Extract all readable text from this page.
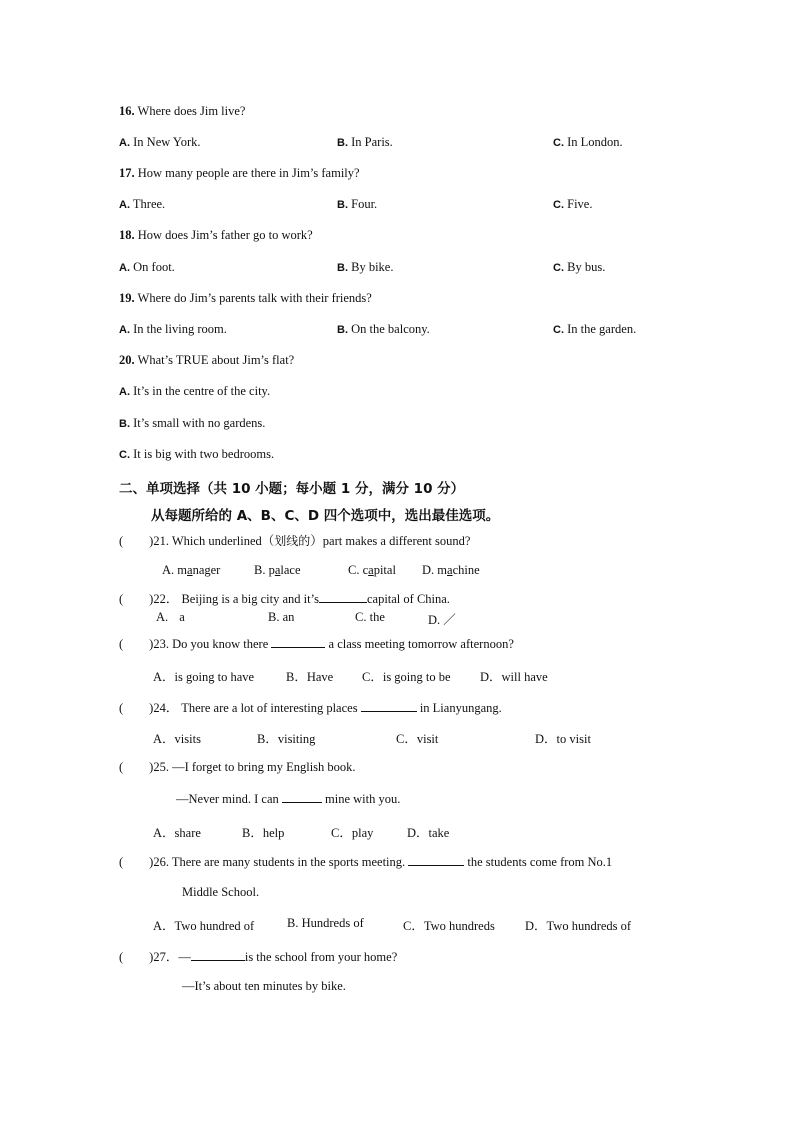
16. Where does Jim live?
A. In New York.	B. In Paris.	C. In London.
17. How many people are there in Jim’s family?
A. Three.	B. Four.	C. Five.
18. How does Jim’s father go to work?
A. On foot.	B. By bike.	C. By bus.
19. Where do Jim’s parents talk with their friends?
A. In the living room.	B. On the balcony.	C. In the garden.
20. What’s TRUE about Jim’s flat?
A. It’s in the centre of the city.
B. It’s small with no gardens.
C. It is big with two bedrooms.
二、单项选择（共 10 小题；每小题 1 分，满分 10 分）
从每题所给的 A、B、C、D 四个选项中，选出最佳选项。
( )21. Which underlined（划线的）part makes a different sound?
A. manager	B. palace	C. capital D. machine
( )22． Beijing is a big city and it’s	capital of China.
A. a	B. an	C. the	D. ／
( )23. Do you know there	a class meeting tomorrow afternoon?
A．is going to have	B．Have C．is going to be D．will have
( )24． There are a lot of interesting places	in Lianyungang.
A．visits	B．visiting	C．visit	D．to visit
( )25. —I forget to bring my English book.
—Never mind. I can	mine with you.
A．share	B．help	C．play	D．take
( )26. There are many students in the sports meeting.	the students come from No.1
Middle School.
A．Two hundred of	B. Hundreds of	C．Two hundreds D．Two hundreds of
( )27．—	is the school from your home?
—It’s about ten minutes by bike.
